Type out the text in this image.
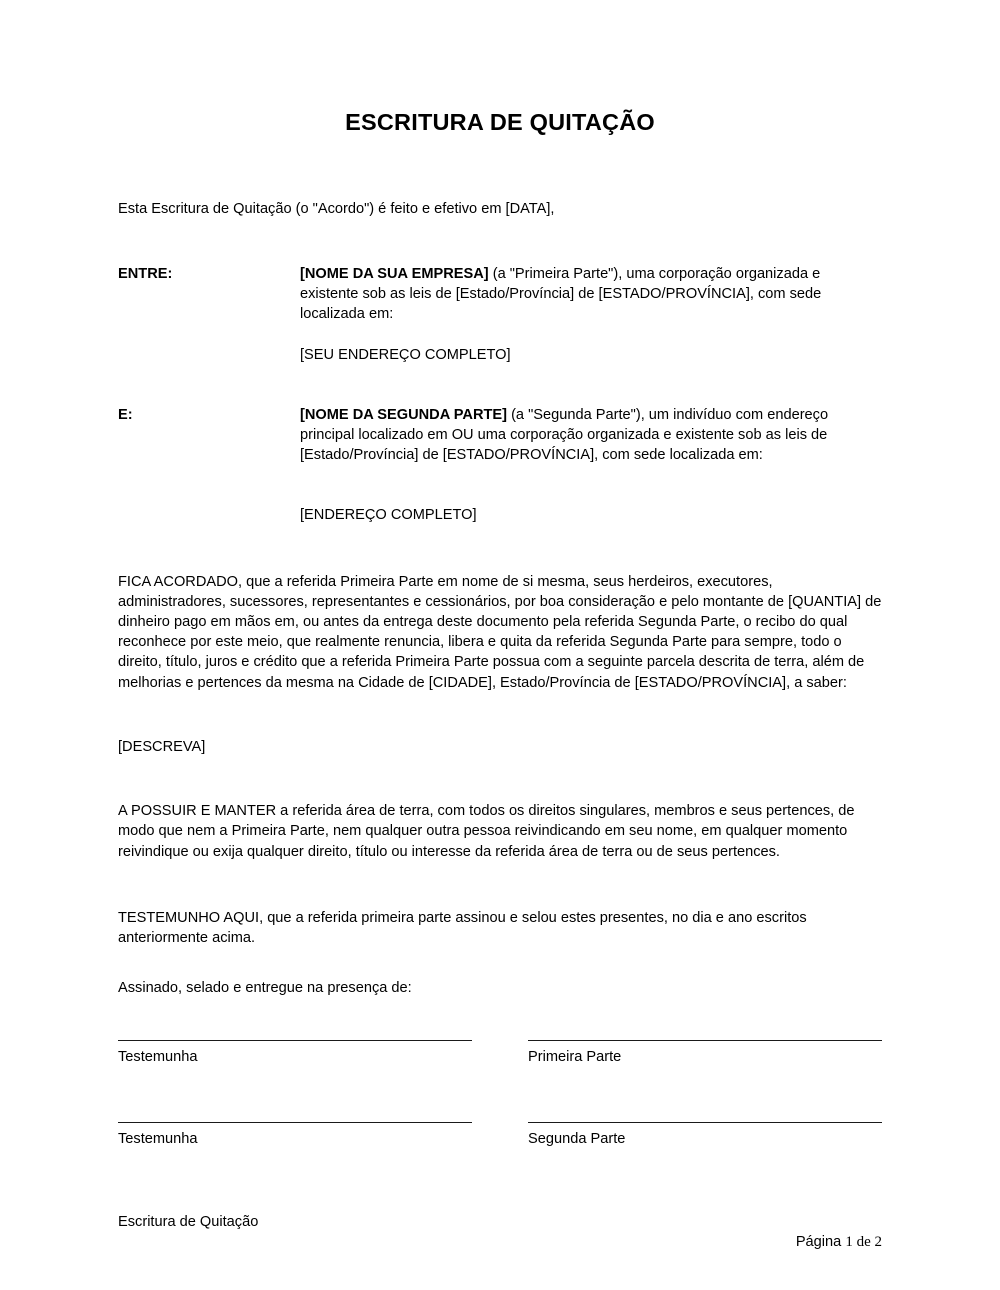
ESCRITURA DE QUITAÇÃO

Esta Escritura de Quitação (o "Acordo") é feito e efetivo em [DATA],

ENTRE:	[NOME DA SUA EMPRESA] (a "Primeira Parte"), uma corporação organizada e existente sob as leis de [Estado/Província] de [ESTADO/PROVÍNCIA], com sede localizada em:
[SEU ENDEREÇO COMPLETO]
E:	[NOME DA SEGUNDA PARTE] (a "Segunda Parte"), um indivíduo com endereço principal localizado em OU uma corporação organizada e existente sob as leis de [Estado/Província] de [ESTADO/PROVÍNCIA], com sede localizada em:
[ENDEREÇO COMPLETO]

FICA ACORDADO, que a referida Primeira Parte em nome de si mesma, seus herdeiros, executores, administradores, sucessores, representantes e cessionários, por boa consideração e pelo montante de [QUANTIA] de dinheiro pago em mãos em, ou antes da entrega deste documento pela referida Segunda Parte, o recibo do qual reconhece por este meio, que realmente renuncia, libera e quita da referida Segunda Parte para sempre, todo o direito, título, juros e crédito que a referida Primeira Parte possua com a seguinte parcela descrita de terra, além de melhorias e pertences da mesma na Cidade de [CIDADE], Estado/Província de [ESTADO/PROVÍNCIA], a saber:

[DESCREVA]

A POSSUIR E MANTER a referida área de terra, com todos os direitos singulares, membros e seus pertences, de modo que nem a Primeira Parte, nem qualquer outra pessoa reivindicando em seu nome, em qualquer momento reivindique ou exija qualquer direito, título ou interesse da referida área de terra ou de seus pertences.

TESTEMUNHO AQUI, que a referida primeira parte assinou e selou estes presentes, no dia e ano escritos anteriormente acima.

Assinado, selado e entregue na presença de:

Testemunha	Primeira Parte
Testemunha	Segunda Parte
Escritura de Quitação

Página 1 de 2
